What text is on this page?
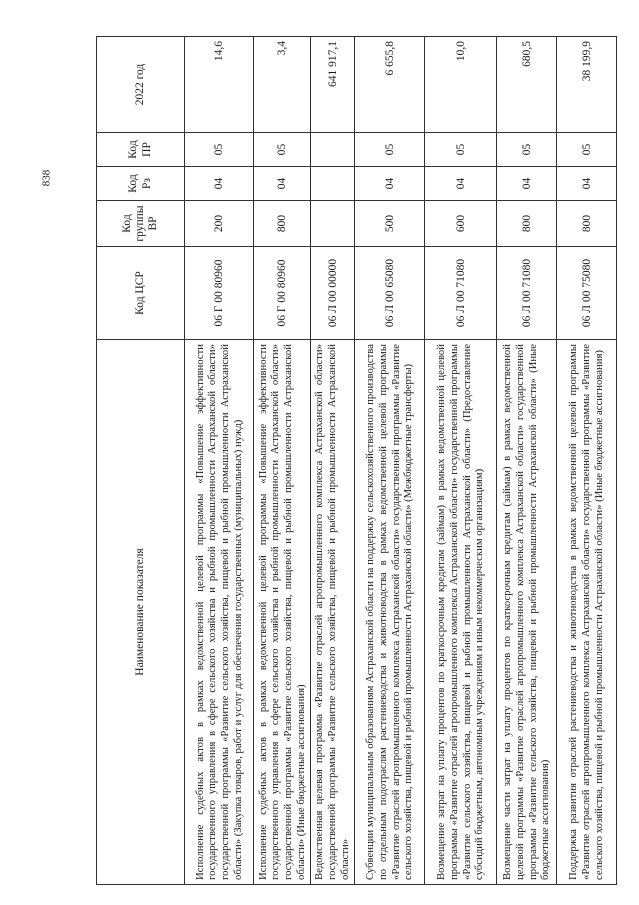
838
Наименование показателя	Код ЦСР	Код группы ВР	Код Рз	Код ПР	2022 год
Исполнение судебных актов в рамках ведомственной целевой программы «Повышение эффективности государственного управления в сфере сельского хозяйства и рыбной промышленности Астраханской области» государственной программы «Развитие сельского хозяйства, пищевой и рыбной промышленности Астраханской области» (Закупка товаров, работ и услуг для обеспечения государственных (муниципальных) нужд)	06 Г 00 80960	200	04	05	14,6
Исполнение судебных актов в рамках ведомственной целевой программы «Повышение эффективности государственного управления в сфере сельского хозяйства и рыбной промышленности Астраханской области» государственной программы «Развитие сельского хозяйства, пищевой и рыбной промышленности Астраханской области» (Иные бюджетные ассигнования)	06 Г 00 80960	800	04	05	3,4
Ведомственная целевая программа «Развитие отраслей агропромышленного комплекса Астраханской области» государственной программы «Развитие сельского хозяйства, пищевой и рыбной промышленности Астраханской области»	06 Л 00 00000				641 917,1
Субвенции муниципальным образованиям Астраханской области на поддержку сельскохозяйственного производства по отдельным подотраслям растениеводства и животноводства в рамках ведомственной целевой программы «Развитие отраслей агропромышленного комплекса Астраханской области» государственной программы «Развитие сельского хозяйства, пищевой и рыбной промышленности Астраханской области» (Межбюджетные трансферты)	06 Л 00 65080	500	04	05	6 655,8
Возмещение затрат на уплату процентов по краткосрочным кредитам (займам) в рамках ведомственной целевой программы «Развитие отраслей агропромышленного комплекса Астраханской области» государственной программы «Развитие сельского хозяйства, пищевой и рыбной промышленности Астраханской области» (Предоставление субсидий бюджетным, автономным учреждениям и иным некоммерческим организациям)	06 Л 00 71080	600	04	05	10,0
Возмещение части затрат на уплату процентов по краткосрочным кредитам (займам) в рамках ведомственной целевой программы «Развитие отраслей агропромышленного комплекса Астраханской области» государственной программы «Развитие сельского хозяйства, пищевой и рыбной промышленности Астраханской области» (Иные бюджетные ассигнования)	06 Л 00 71080	800	04	05	680,5
Поддержка развития отраслей растениеводства и животноводства в рамках ведомственной целевой программы «Развитие отраслей агропромышленного комплекса Астраханской области» государственной программы «Развитие сельского хозяйства, пищевой и рыбной промышленности Астраханской области» (Иные бюджетные ассигнования)	06 Л 00 75080	800	04	05	38 199,9
